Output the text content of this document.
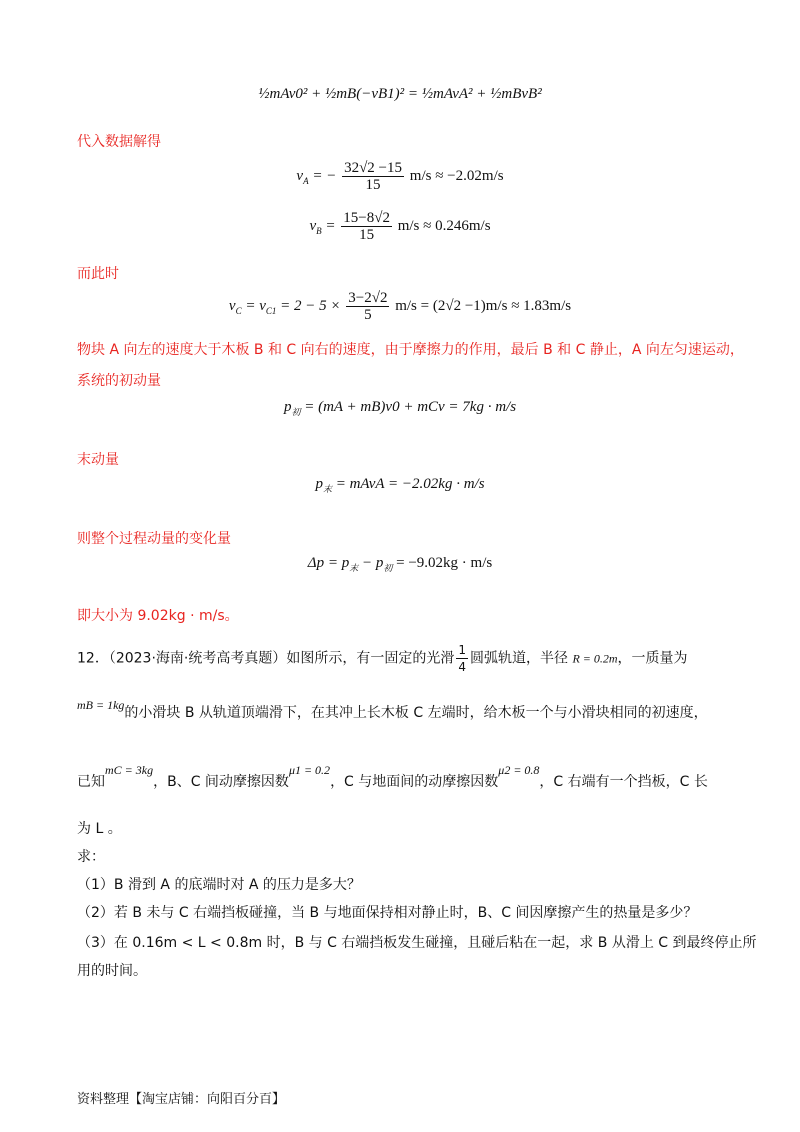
½mAv0² + ½mB(−vB1)² = ½mAvA² + ½mBvB²
代入数据解得
$v_A$ = − $\frac{32√2 -15}{15} m/s \approx -2.02m/s$
$v_B = \frac{15-8√2}{15} m/s \approx 0.246m/s$
而此时
$v_C = v_{C1} = 2 - 5 \times \frac{3-2√2}{5} m/s = (2√2 -1)m/s \approx 1.83m/s$
物块 A 向左的速度大于木板 B 和 C 向右的速度，由于摩擦力的作用，最后 B 和 C 静止，A 向左匀速运动，
系统的初动量
$p_初 = (mA + mB)v0$ + mCv = 7kg · m/s
末动量
$p_末$ = mAvA = −2.02kg · m/s
则整个过程动量的变化量
$\Delta p = p_末 - p_初 = -9.02kg \cdot m/s$
即大小为 9.02kg · m/s。
12．（2023·海南·统考高考真题）如图所示，有一固定的光滑 $\frac{1}{4}$ 圆弧轨道，半径 R = 0.2m，一质量为
mB = 1kg的小滑块 B 从轨道顶端滑下，在其冲上长木板 C 左端时，给木板一个与小滑块相同的初速度，
已知mC = 3kg，B、C 间动摩擦因数μ1 = 0.2，C 与地面间的动摩擦因数μ2 = 0.8，C 右端有一个挡板，C 长
为 L 。
求：
（1）B 滑到 A 的底端时对 A 的压力是多大？
（2）若 B 未与 C 右端挡板碰撞，当 B 与地面保持相对静止时，B、C 间因摩擦产生的热量是多少？
（3）在 0.16m < L < 0.8m 时，B 与 C 右端挡板发生碰撞，且碰后粘在一起，求 B 从滑上 C 到最终停止所
用的时间。
资料整理【淘宝店铺：向阳百分百】
